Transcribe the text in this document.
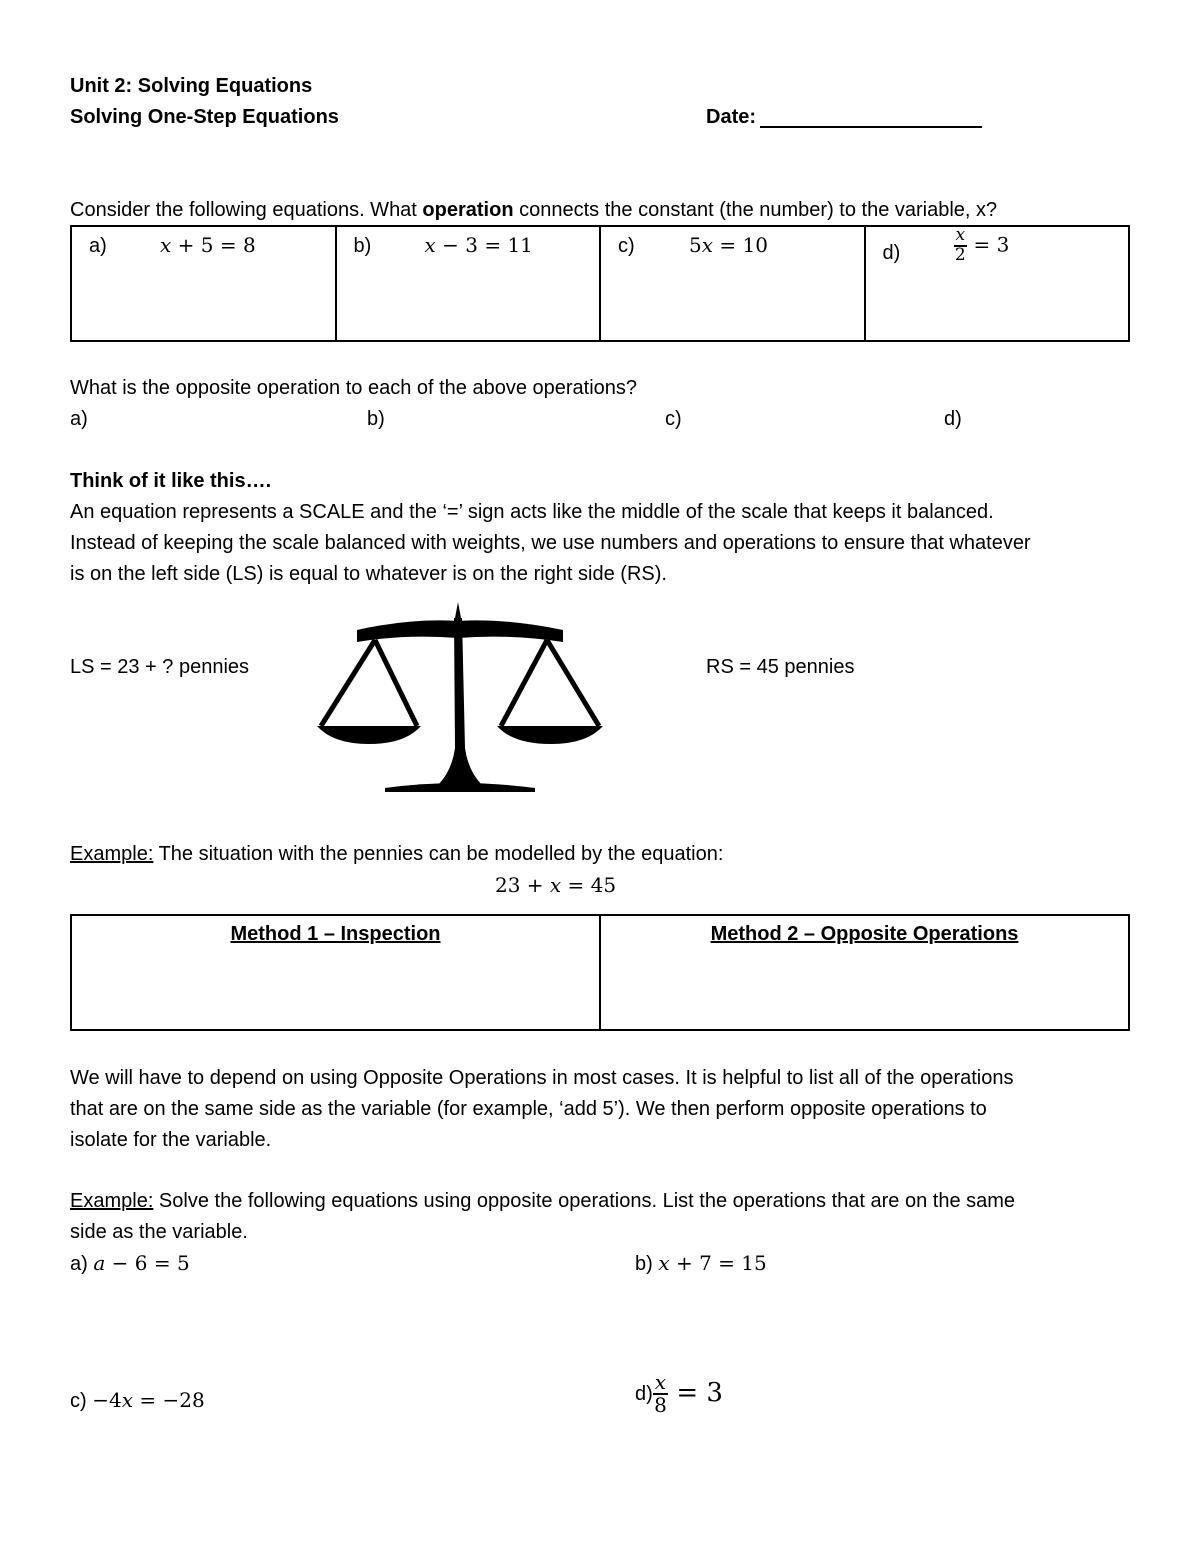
Unit 2: Solving Equations
Solving One-Step Equations	Date:
Consider the following equations. What operation connects the constant (the number) to the variable, x?
a)	x + 5 = 8	b)	x − 3 = 11	c)	5x = 10	d)	$\frac{x}{2} = 3$
What is the opposite operation to each of the above operations?
a)	b)	c)	d)
Think of it like this….
An equation represents a SCALE and the ‘=’ sign acts like the middle of the scale that keeps it balanced.
Instead of keeping the scale balanced with weights, we use numbers and operations to ensure that whatever
is on the left side (LS) is equal to whatever is on the right side (RS).
LS = 23 + ? pennies	RS = 45 pennies
Example: The situation with the pennies can be modelled by the equation:
23 + x = 45
Method 1 – Inspection	Method 2 – Opposite Operations
We will have to depend on using Opposite Operations in most cases. It is helpful to list all of the operations
that are on the same side as the variable (for example, ‘add 5’). We then perform opposite operations to
isolate for the variable.
Example: Solve the following equations using opposite operations. List the operations that are on the same
side as the variable.
a) a − 6 = 5	b) x + 7 = 15
c) −4x = −28	$d) \frac{x}{8} = 3$
